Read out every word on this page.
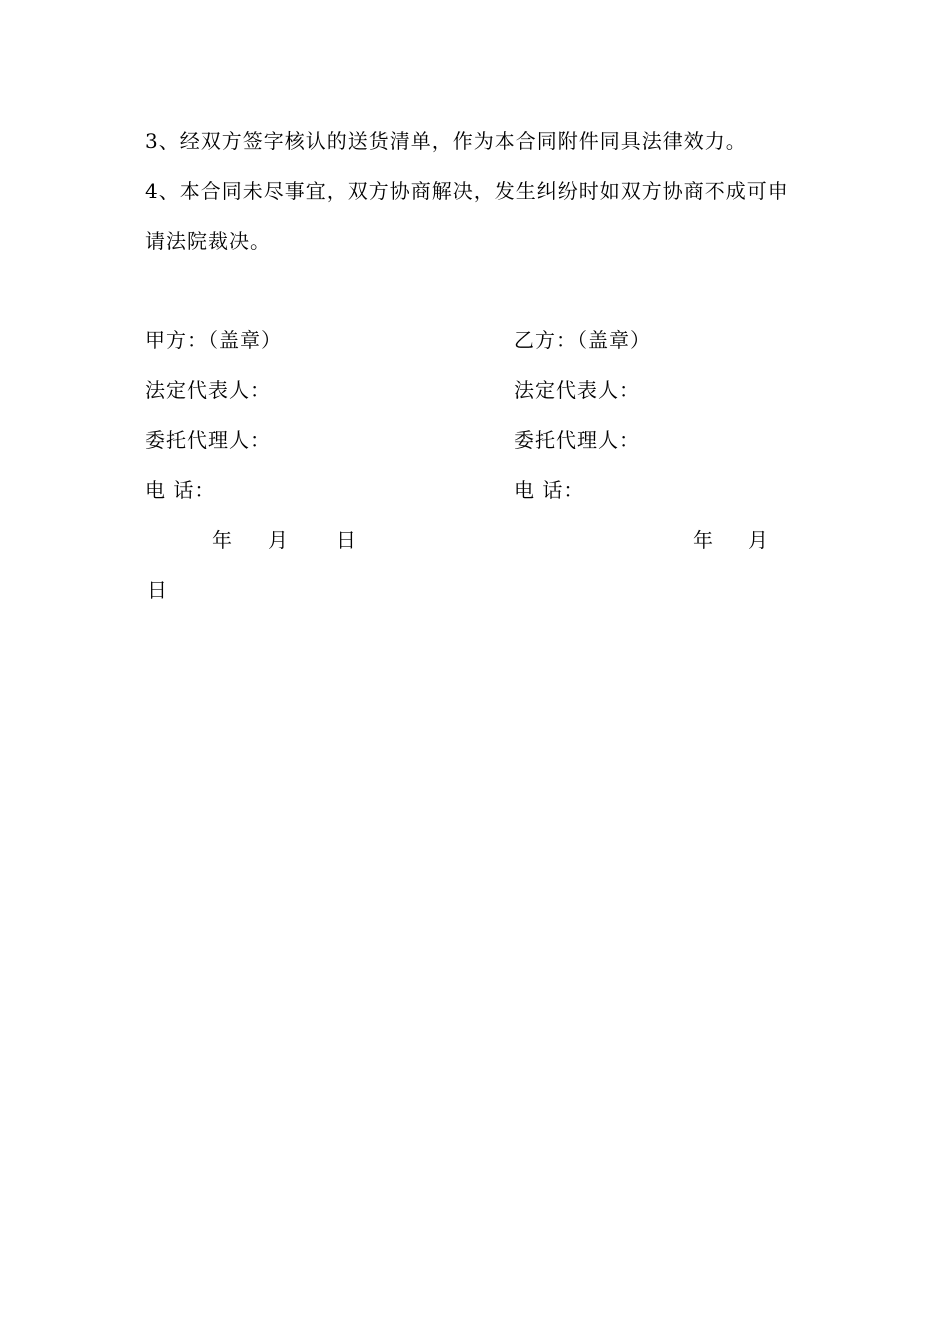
3、经双方签字核认的送货清单，作为本合同附件同具法律效力。
4、本合同未尽事宜，双方协商解决，发生纠纷时如双方协商不成可申
请法院裁决。
甲方：（盖章）
法定代表人：
委托代理人：
电 话：
年 月 日
乙方：（盖章）
法定代表人：
委托代理人：
电 话：
年 月
日
